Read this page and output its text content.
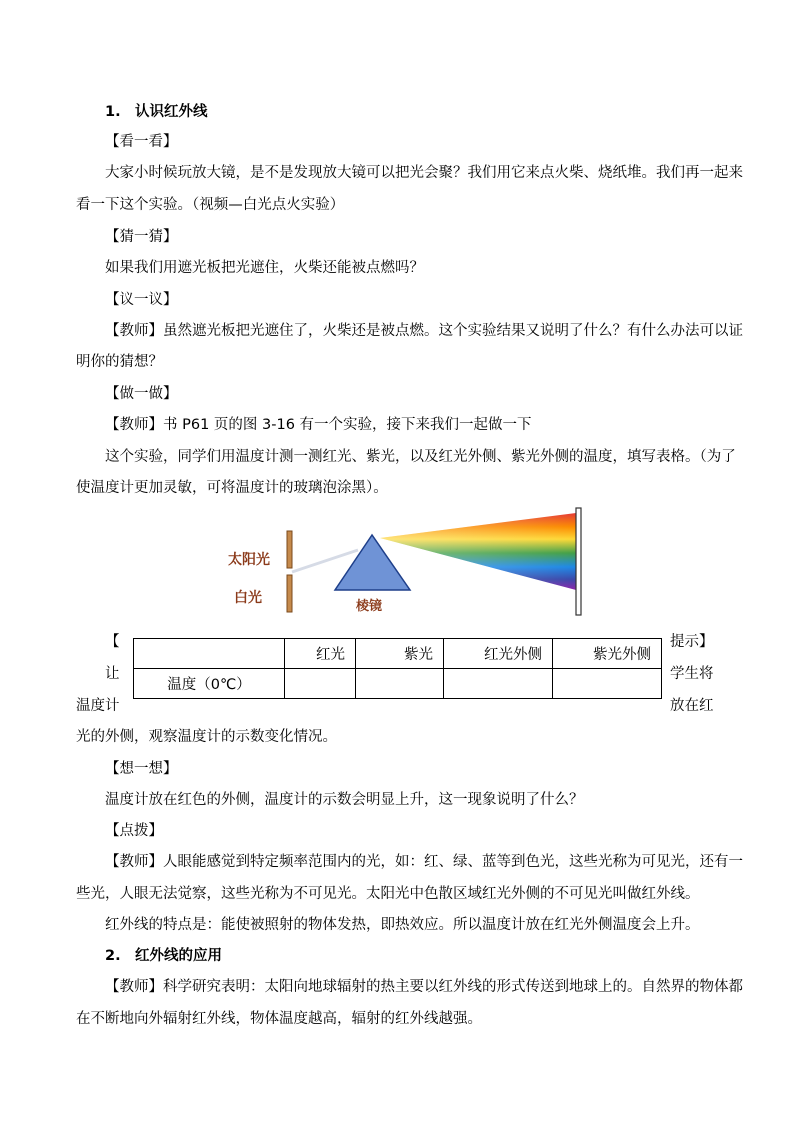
1. 认识红外线
【看一看】
大家小时候玩放大镜，是不是发现放大镜可以把光会聚？我们用它来点火柴、烧纸堆。我们再一起来
看一下这个实验。（视频—白光点火实验）
【猜一猜】
如果我们用遮光板把光遮住，火柴还能被点燃吗？
【议一议】
【教师】虽然遮光板把光遮住了，火柴还是被点燃。这个实验结果又说明了什么？有什么办法可以证
明你的猜想？
【做一做】
【教师】书 P61 页的图 3-16 有一个实验，接下来我们一起做一下
这个实验，同学们用温度计测一测红光、紫光，以及红光外侧、紫光外侧的温度，填写表格。（为了
使温度计更加灵敏，可将温度计的玻璃泡涂黑）。
太阳光
白光
棱镜
【
让
温度计
提示】
学生将
放在红
	红光	紫光	红光外侧	紫光外侧
温度（0℃）				
光的外侧，观察温度计的示数变化情况。
【想一想】
温度计放在红色的外侧，温度计的示数会明显上升，这一现象说明了什么？
【点拨】
【教师】人眼能感觉到特定频率范围内的光，如：红、绿、蓝等到色光，这些光称为可见光，还有一
些光，人眼无法觉察，这些光称为不可见光。太阳光中色散区域红光外侧的不可见光叫做红外线。
红外线的特点是：能使被照射的物体发热，即热效应。所以温度计放在红光外侧温度会上升。
2. 红外线的应用
【教师】科学研究表明：太阳向地球辐射的热主要以红外线的形式传送到地球上的。自然界的物体都
在不断地向外辐射红外线，物体温度越高，辐射的红外线越强。
